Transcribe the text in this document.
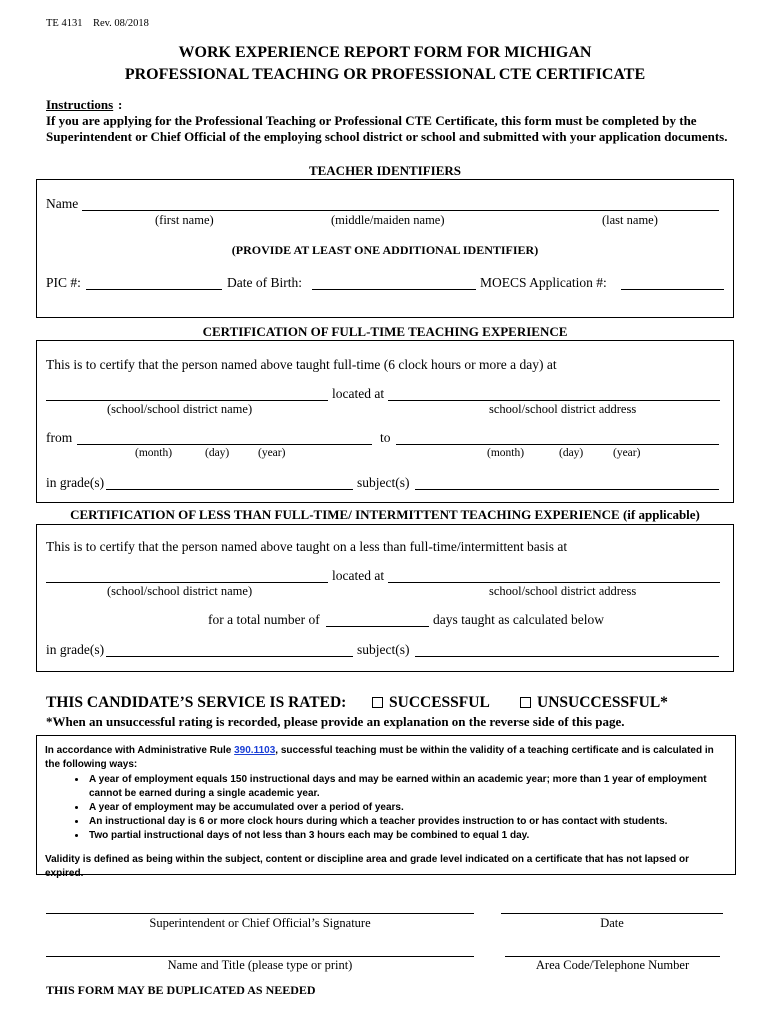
TE 4131 Rev. 08/2018
WORK EXPERIENCE REPORT FORM FOR MICHIGAN
PROFESSIONAL TEACHING OR PROFESSIONAL CTE CERTIFICATE
Instructions :
If you are applying for the Professional Teaching or Professional CTE Certificate, this form must be completed by the Superintendent or Chief Official of the employing school district or school and submitted with your application documents.
TEACHER IDENTIFIERS
Name
(first name)	(middle/maiden name)	(last name)
(PROVIDE AT LEAST ONE ADDITIONAL IDENTIFIER)
PIC #:	Date of Birth:	MOECS Application #:
CERTIFICATION OF FULL-TIME TEACHING EXPERIENCE
This is to certify that the person named above taught full-time (6 clock hours or more a day) at
located at
(school/school district name)	school/school district address
from	to
(month)	(day) (year)	(month)	(day)	(year)
in grade(s)	subject(s)
CERTIFICATION OF LESS THAN FULL-TIME/ INTERMITTENT TEACHING EXPERIENCE (if applicable)
This is to certify that the person named above taught on a less than full-time/intermittent basis at
located at
(school/school district name)	school/school district address
for a total number of	days taught as calculated below
in grade(s)	subject(s)
THIS CANDIDATE’S SERVICE IS RATED:	SUCCESSFUL	UNSUCCESSFUL*
*When an unsuccessful rating is recorded, please provide an explanation on the reverse side of this page.
In accordance with Administrative Rule 390.1103, successful teaching must be within the validity of a teaching certificate and is calculated in the following ways:
• A year of employment equals 150 instructional days and may be earned within an academic year; more than 1 year of employment cannot be earned during a single academic year.
• A year of employment may be accumulated over a period of years.
• An instructional day is 6 or more clock hours during which a teacher provides instruction to or has contact with students.
• Two partial instructional days of not less than 3 hours each may be combined to equal 1 day.
Validity is defined as being within the subject, content or discipline area and grade level indicated on a certificate that has not lapsed or expired.
Superintendent or Chief Official’s Signature	Date
Name and Title (please type or print)	Area Code/Telephone Number
THIS FORM MAY BE DUPLICATED AS NEEDED
